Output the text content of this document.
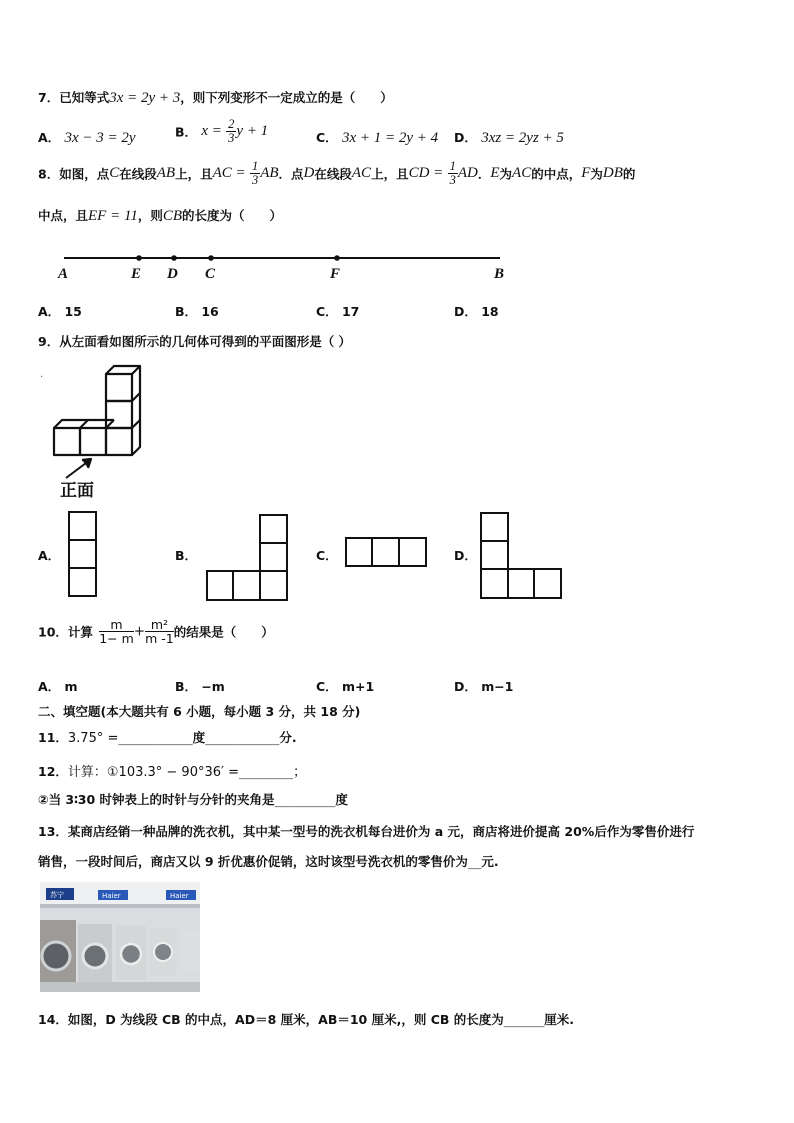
7．已知等式3x = 2y + 3，则下列变形不一定成立的是（　　）
A． 3x − 3 = 2y	B． $x = \frac{2}{3}$ y + 1	C． 3x + 1 = 2y + 4 D． 3xz = 2yz + 5
8．如图，点C在线段AB上，且AC = $\frac{1}{3}$ AB．点D在线段AC上，且CD = $\frac{1}{3}$ AD．E为AC的中点，F为DB的
中点，且EF = 11，则CB的长度为（　　）
A	E D C	F	B
A． 15	B． 16	C． 17	D． 18
9．从左面看如图所示的几何体可得到的平面图形是（ ）
正面
·
A．	B．	C．	D．
10．计算 $\frac{m}{1- m} + \frac{\text{m²}}{m -1}$ 的结果是（　　）
A． m	B． −m	C． m+1	D． m−1
二、填空题(本大题共有 6 小题，每小题 3 分，共 18 分)
11．3.75° =___________度___________分.
12．计算：①103.3° − 90°36′ =________；
②当 3∶30 时钟表上的时针与分针的夹角是_________度
13．某商店经销一种品牌的洗衣机，其中某一型号的洗衣机每台进价为 a 元，商店将进价提高 20%后作为零售价进行
销售，一段时间后，商店又以 9 折优惠价促销，这时该型号洗衣机的零售价为__元.
苏宁	Haier	Haier
14．如图，D 为线段 CB 的中点，AD＝8 厘米，AB＝10 厘米,，则 CB 的长度为______厘米.
